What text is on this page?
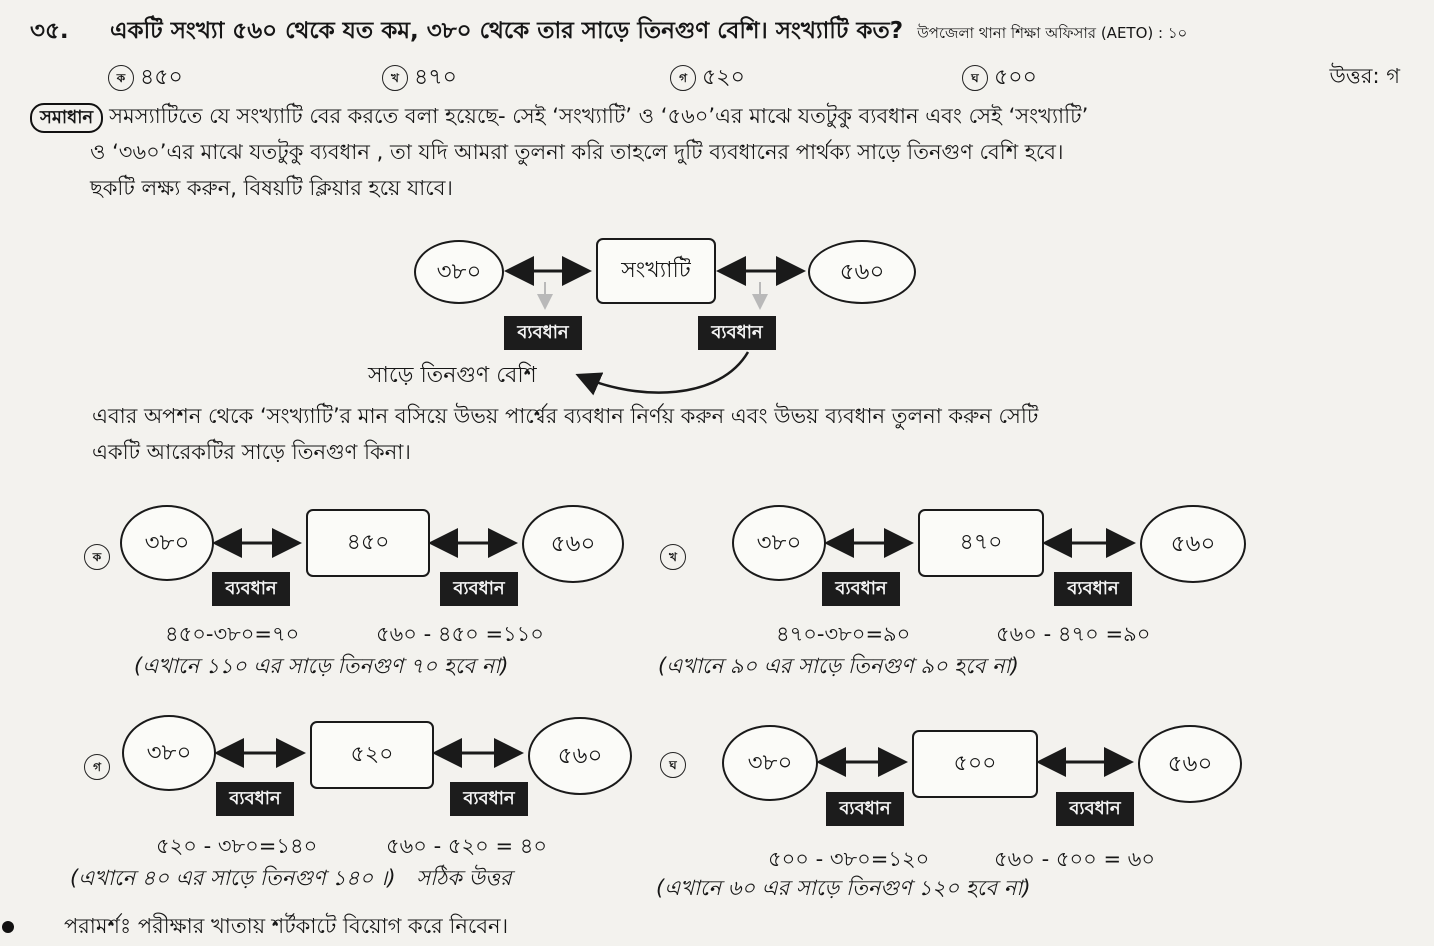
৩৫. একটি সংখ্যা ৫৬০ থেকে যত কম, ৩৮০ থেকে তার সাড়ে তিনগুণ বেশি। সংখ্যাটি কত? উপজেলা থানা শিক্ষা অফিসার (AETO) : ১০
ক ৪৫০	খ ৪৭০	গ ৫২০	ঘ ৫০০	উত্তর: গ
সমাধান সমস্যাটিতে যে সংখ্যাটি বের করতে বলা হয়েছে- সেই ‘সংখ্যাটি’ ও ‘৫৬০’এর মাঝে যতটুকু ব্যবধান এবং সেই ‘সংখ্যাটি’
ও ‘৩৬০’এর মাঝে যতটুকু ব্যবধান , তা যদি আমরা তুলনা করি তাহলে দুটি ব্যবধানের পার্থক্য সাড়ে তিনগুণ বেশি হবে।
ছকটি লক্ষ্য করুন, বিষয়টি ক্লিয়ার হয়ে যাবে।
৩৮০	সংখ্যাটি	৫৬০
ব্যবধান	ব্যবধান
সাড়ে তিনগুণ বেশি
এবার অপশন থেকে ‘সংখ্যাটি’র মান বসিয়ে উভয় পার্শ্বের ব্যবধান নির্ণয় করুন এবং উভয় ব্যবধান তুলনা করুন সেটি
একটি আরেকটির সাড়ে তিনগুণ কিনা।
ক
৩৮০	৪৫০	৫৬০
ব্যবধান	ব্যবধান
৪৫০-৩৮০=৭০	৫৬০ - ৪৫০ =১১০
(এখানে ১১০ এর সাড়ে তিনগুণ ৭০ হবে না)
খ
৩৮০	৪৭০	৫৬০
ব্যবধান	ব্যবধান
৪৭০-৩৮০=৯০	৫৬০ - ৪৭০ =৯০
(এখানে ৯০ এর সাড়ে তিনগুণ ৯০ হবে না)
গ
৩৮০	৫২০	৫৬০
ব্যবধান	ব্যবধান
৫২০ - ৩৮০=১৪০	৫৬০ - ৫২০ = ৪০
(এখানে ৪০ এর সাড়ে তিনগুণ ১৪০ ।) সঠিক উত্তর
ঘ	৩৮০	৫০০	৫৬০
ব্যবধান	ব্যবধান
৫০০ - ৩৮০=১২০	৫৬০ - ৫০০ = ৬০
(এখানে ৬০ এর সাড়ে তিনগুণ ১২০ হবে না)
পরামর্শঃ পরীক্ষার খাতায় শর্টকাটে বিয়োগ করে নিবেন।
